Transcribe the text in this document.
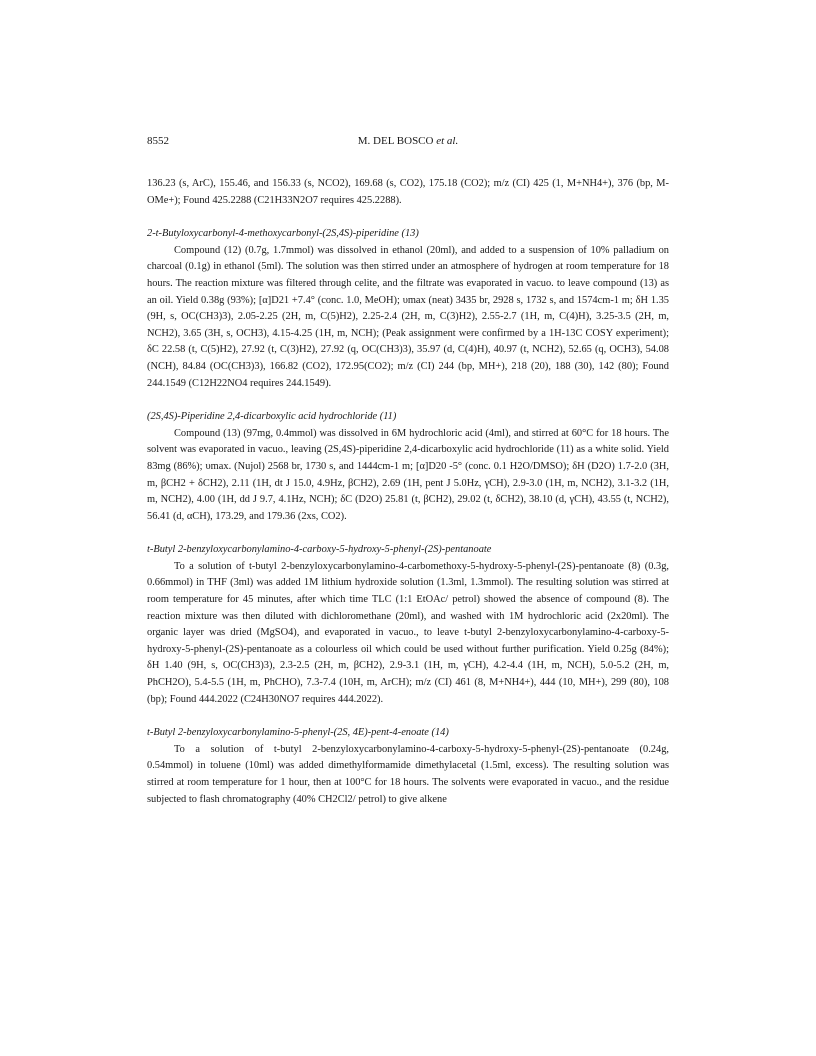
8552	M. DEL BOSCO et al.

136.23 (s, ArC), 155.46, and 156.33 (s, NCO2), 169.68 (s, CO2), 175.18 (CO2); m/z (CI) 425 (1, M+NH4+), 376 (bp, M-OMe+); Found 425.2288 (C21H33N2O7 requires 425.2288).

2-t-Butyloxycarbonyl-4-methoxycarbonyl-(2S,4S)-piperidine (13)

Compound (12) (0.7g, 1.7mmol) was dissolved in ethanol (20ml), and added to a suspension of 10% palladium on charcoal (0.1g) in ethanol (5ml). The solution was then stirred under an atmosphere of hydrogen at room temperature for 18 hours. The reaction mixture was filtered through celite, and the filtrate was evaporated in vacuo. to leave compound (13) as an oil. Yield 0.38g (93%); [α]D21 +7.4° (conc. 1.0, MeOH); υmax (neat) 3435 br, 2928 s, 1732 s, and 1574cm-1 m; δH 1.35 (9H, s, OC(CH3)3), 2.05-2.25 (2H, m, C(5)H2), 2.25-2.4 (2H, m, C(3)H2), 2.55-2.7 (1H, m, C(4)H), 3.25-3.5 (2H, m, NCH2), 3.65 (3H, s, OCH3), 4.15-4.25 (1H, m, NCH); (Peak assignment were confirmed by a 1H-13C COSY experiment); δC 22.58 (t, C(5)H2), 27.92 (t, C(3)H2), 27.92 (q, OC(CH3)3), 35.97 (d, C(4)H), 40.97 (t, NCH2), 52.65 (q, OCH3), 54.08 (NCH), 84.84 (OC(CH3)3), 166.82 (CO2), 172.95(CO2); m/z (CI) 244 (bp, MH+), 218 (20), 188 (30), 142 (80); Found 244.1549 (C12H22NO4 requires 244.1549).

(2S,4S)-Piperidine 2,4-dicarboxylic acid hydrochloride (11)

Compound (13) (97mg, 0.4mmol) was dissolved in 6M hydrochloric acid (4ml), and stirred at 60°C for 18 hours. The solvent was evaporated in vacuo., leaving (2S,4S)-piperidine 2,4-dicarboxylic acid hydrochloride (11) as a white solid. Yield 83mg (86%); υmax. (Nujol) 2568 br, 1730 s, and 1444cm-1 m; [α]D20 -5° (conc. 0.1 H2O/DMSO); δH (D2O) 1.7-2.0 (3H, m, βCH2 + δCH2), 2.11 (1H, dt J 15.0, 4.9Hz, βCH2), 2.69 (1H, pent J 5.0Hz, γCH), 2.9-3.0 (1H, m, NCH2), 3.1-3.2 (1H, m, NCH2), 4.00 (1H, dd J 9.7, 4.1Hz, NCH); δC (D2O) 25.81 (t, βCH2), 29.02 (t, δCH2), 38.10 (d, γCH), 43.55 (t, NCH2), 56.41 (d, αCH), 173.29, and 179.36 (2xs, CO2).

t-Butyl 2-benzyloxycarbonylamino-4-carboxy-5-hydroxy-5-phenyl-(2S)-pentanoate

To a solution of t-butyl 2-benzyloxycarbonylamino-4-carbomethoxy-5-hydroxy-5-phenyl-(2S)-pentanoate (8) (0.3g, 0.66mmol) in THF (3ml) was added 1M lithium hydroxide solution (1.3ml, 1.3mmol). The resulting solution was stirred at room temperature for 45 minutes, after which time TLC (1:1 EtOAc/ petrol) showed the absence of compound (8). The reaction mixture was then diluted with dichloromethane (20ml), and washed with 1M hydrochloric acid (2x20ml). The organic layer was dried (MgSO4), and evaporated in vacuo., to leave t-butyl 2-benzyloxycarbonylamino-4-carboxy-5-hydroxy-5-phenyl-(2S)-pentanoate as a colourless oil which could be used without further purification. Yield 0.25g (84%); δH 1.40 (9H, s, OC(CH3)3), 2.3-2.5 (2H, m, βCH2), 2.9-3.1 (1H, m, γCH), 4.2-4.4 (1H, m, NCH), 5.0-5.2 (2H, m, PhCH2O), 5.4-5.5 (1H, m, PhCHO), 7.3-7.4 (10H, m, ArCH); m/z (CI) 461 (8, M+NH4+), 444 (10, MH+), 299 (80), 108 (bp); Found 444.2022 (C24H30NO7 requires 444.2022).

t-Butyl 2-benzyloxycarbonylamino-5-phenyl-(2S, 4E)-pent-4-enoate (14)

To a solution of t-butyl 2-benzyloxycarbonylamino-4-carboxy-5-hydroxy-5-phenyl-(2S)-pentanoate (0.24g, 0.54mmol) in toluene (10ml) was added dimethylformamide dimethylacetal (1.5ml, excess). The resulting solution was stirred at room temperature for 1 hour, then at 100°C for 18 hours. The solvents were evaporated in vacuo., and the residue subjected to flash chromatography (40% CH2Cl2/ petrol) to give alkene
